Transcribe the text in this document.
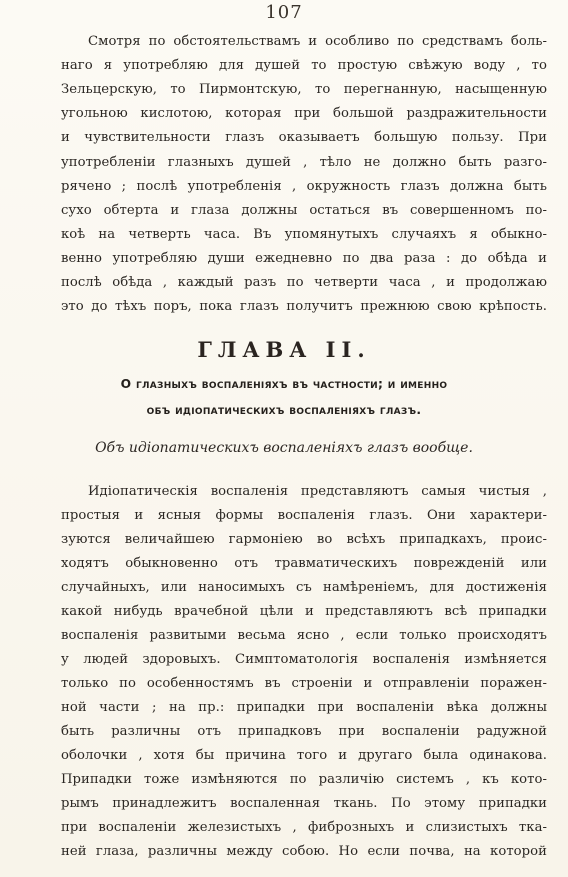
107
Смотря по обстоятельствамъ и особливо по средствамъ боль-
наго я употребляю для душей то простую свѣжую воду , то
Зельцерскую, то Пирмонтскую, то перегнанную, насыщенную
угольною кислотою, которая при большой раздражительности
и чувствительности глазъ оказываетъ большую пользу. При
употребленіи глазныхъ душей , тѣло не должно быть разго-
рячено ; послѣ употребленія , окружность глазъ должна быть
сухо обтерта и глаза должны остаться въ совершенномъ по-
коѣ на четверть часа. Въ упомянутыхъ случаяхъ я обыкно-
венно употребляю души ежедневно по два раза : до обѣда и
послѣ обѣда , каждый разъ по четверти часа , и продолжаю
это до тѣхъ поръ, пока глазъ получитъ прежнюю свою крѣпость.
ГЛАВА II.
О глазныхъ воспаленіяхъ въ частности; и именно
объ идіопатическихъ воспаленіяхъ глазъ.
Объ идіопатическихъ воспаленіяхъ глазъ вообще.
Идіопатическія воспаленія представляютъ самыя чистыя ,
простыя и ясныя формы воспаленія глазъ. Они характери-
зуются величайшею гармоніею во всѣхъ припадкахъ, проис-
ходятъ обыкновенно отъ травматическихъ повреждeній или
случайныхъ, или наносимыхъ съ намѣреніемъ, для достиженія
какой нибудь врачебной цѣли и представляютъ всѣ припадки
воспаленія развитыми весьма ясно , если только происходятъ
у людей здоровыхъ. Симптоматологія воспаленія измѣняется
только по особенностямъ въ строеніи и отправленіи поражен-
ной части ; на пр.: припадки при воспаленіи вѣка должны
быть различны отъ припадковъ при воспаленіи радужной
оболочки , хотя бы причина того и другаго была одинакова.
Припадки тоже измѣняются по различію системъ , къ кото-
рымъ принадлежитъ воспаленная ткань. По этому припадки
при воспаленіи железистыхъ , фиброзныхъ и слизистыхъ тка-
ней глаза, различны между собою. Но если почва, на которой
